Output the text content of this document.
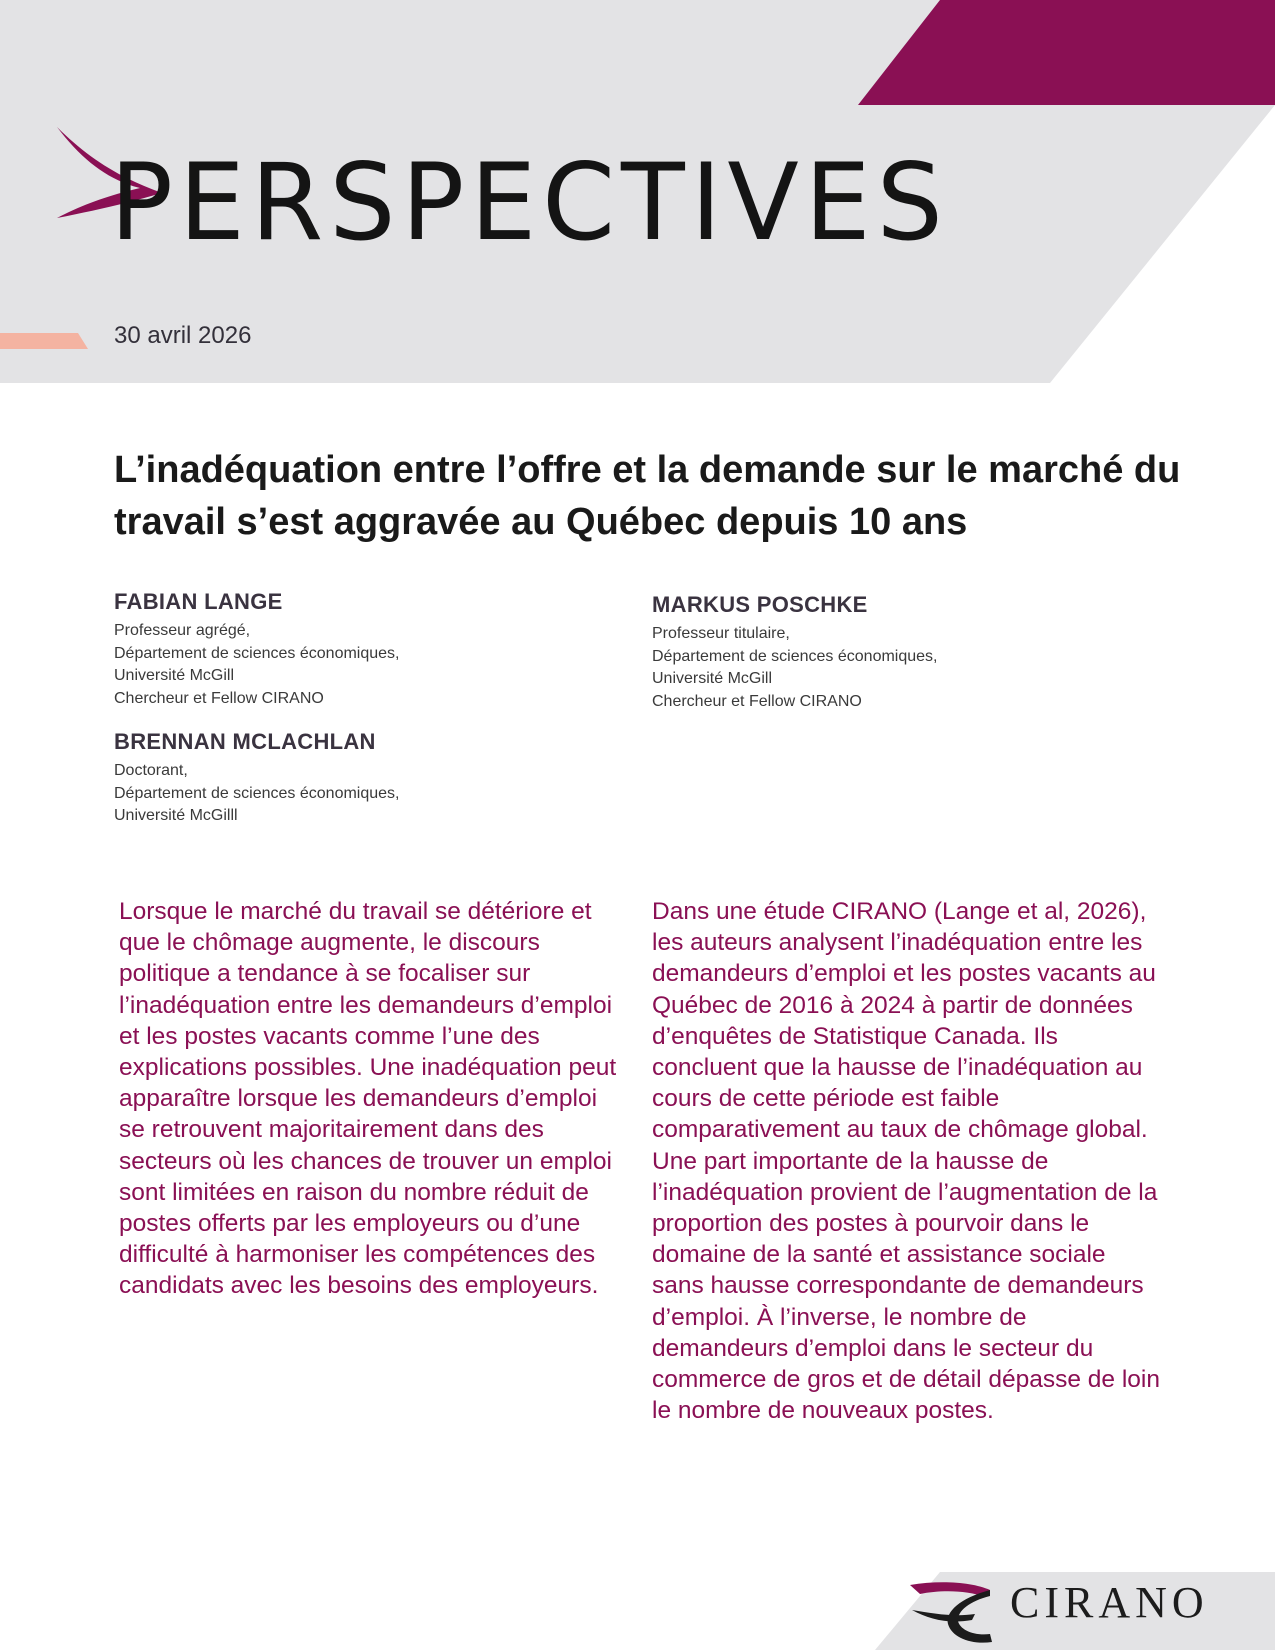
PERSPECTIVES

30 avril 2026

L’inadéquation entre l’offre et la demande sur le marché du travail s’est aggravée au Québec depuis 10 ans

FABIAN LANGE

Professeur agrégé,
Département de sciences économiques,
Université McGill
Chercheur et Fellow CIRANO

BRENNAN MCLACHLAN

Doctorant,
Département de sciences économiques,
Université McGilll

MARKUS POSCHKE

Professeur titulaire,
Département de sciences économiques,
Université McGill
Chercheur et Fellow CIRANO

Lorsque le marché du travail se détériore et que le chômage augmente, le discours politique a tendance à se focaliser sur l’inadéquation entre les demandeurs d’emploi et les postes vacants comme l’une des explications possibles. Une inadéquation peut apparaître lorsque les demandeurs d’emploi se retrouvent majoritairement dans des secteurs où les chances de trouver un emploi sont limitées en raison du nombre réduit de postes offerts par les employeurs ou d’une difficulté à harmoniser les compétences des candidats avec les besoins des employeurs.

Dans une étude CIRANO (Lange et al, 2026), les auteurs analysent l’inadéquation entre les demandeurs d’emploi et les postes vacants au Québec de 2016 à 2024 à partir de données d’enquêtes de Statistique Canada. Ils concluent que la hausse de l’inadéquation au cours de cette période est faible comparativement au taux de chômage global. Une part importante de la hausse de l’inadéquation provient de l’augmentation de la proportion des postes à pourvoir dans le domaine de la santé et assistance sociale sans hausse correspondante de demandeurs d’emploi. À l’inverse, le nombre de demandeurs d’emploi dans le secteur du commerce de gros et de détail dépasse de loin le nombre de nouveaux postes.

CIRANO
